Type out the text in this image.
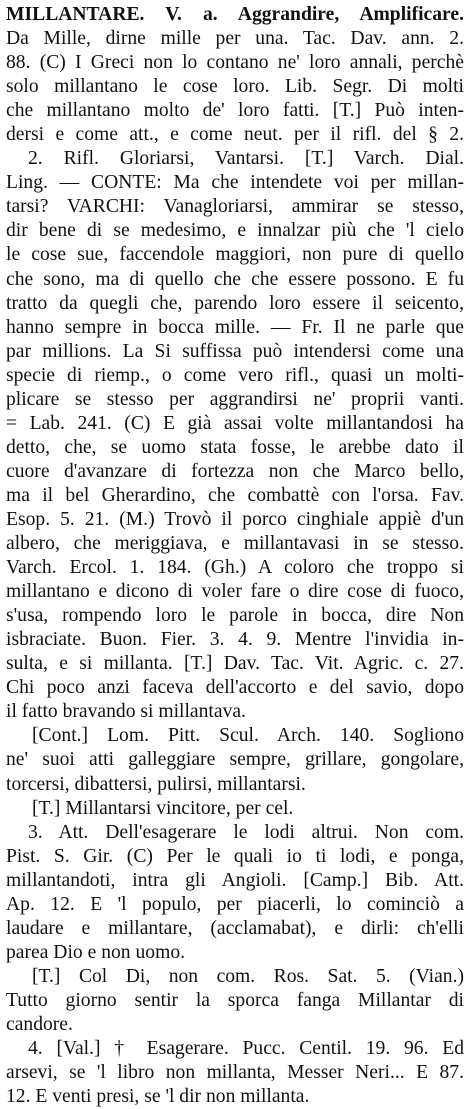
MILLANTARE. V. a. Aggrandire, Amplificare.
Da Mille, dirne mille per una. Tac. Dav. ann. 2.
88. (C) I Greci non lo contano ne' loro annali, perchè
solo millantano le cose loro. Lib. Segr. Di molti
che millantano molto de' loro fatti. [T.] Può inten-
dersi e come att., e come neut. per il rifl. del § 2.
2. Rifl. Gloriarsi, Vantarsi. [T.] Varch. Dial.
Ling. — CONTE: Ma che intendete voi per millan-
tarsi? VARCHI: Vanagloriarsi, ammirar se stesso,
dir bene di se medesimo, e innalzar più che 'l cielo
le cose sue, faccendole maggiori, non pure di quello
che sono, ma di quello che che essere possono. E fu
tratto da quegli che, parendo loro essere il seicento,
hanno sempre in bocca mille. — Fr. Il ne parle que
par millions. La Si suffissa può intendersi come una
specie di riemp., o come vero rifl., quasi un molti-
plicare se stesso per aggrandirsi ne' proprii vanti.
= Lab. 241. (C) E già assai volte millantandosi ha
detto, che, se uomo stata fosse, le arebbe dato il
cuore d'avanzare di fortezza non che Marco bello,
ma il bel Gherardino, che combattè con l'orsa. Fav.
Esop. 5. 21. (M.) Trovò il porco cinghiale appiè d'un
albero, che meriggiava, e millantavasi in se stesso.
Varch. Ercol. 1. 184. (Gh.) A coloro che troppo si
millantano e dicono di voler fare o dire cose di fuoco,
s'usa, rompendo loro le parole in bocca, dire Non
isbraciate. Buon. Fier. 3. 4. 9. Mentre l'invidia in-
sulta, e si millanta. [T.] Dav. Tac. Vit. Agric. c. 27.
Chi poco anzi faceva dell'accorto e del savio, dopo
il fatto bravando si millantava.
[Cont.] Lom. Pitt. Scul. Arch. 140. Sogliono
ne' suoi atti galleggiare sempre, grillare, gongolare,
torcersi, dibattersi, pulirsi, millantarsi.
[T.] Millantarsi vincitore, per cel.
3. Att. Dell'esagerare le lodi altrui. Non com.
Pist. S. Gir. (C) Per le quali io ti lodi, e ponga,
millantandoti, intra gli Angioli. [Camp.] Bib. Att.
Ap. 12. E 'l populo, per piacerli, lo cominciò a
laudare e millantare, (acclamabat), e dirli: ch'elli
parea Dio e non uomo.
[T.] Col Di, non com. Ros. Sat. 5. (Vian.)
Tutto giorno sentir la sporca fanga Millantar di
candore.
4. [Val.] † Esagerare. Pucc. Centil. 19. 96. Ed
arsevi, se 'l libro non millanta, Messer Neri... E 87.
12. E venti presi, se 'l dir non millanta.
